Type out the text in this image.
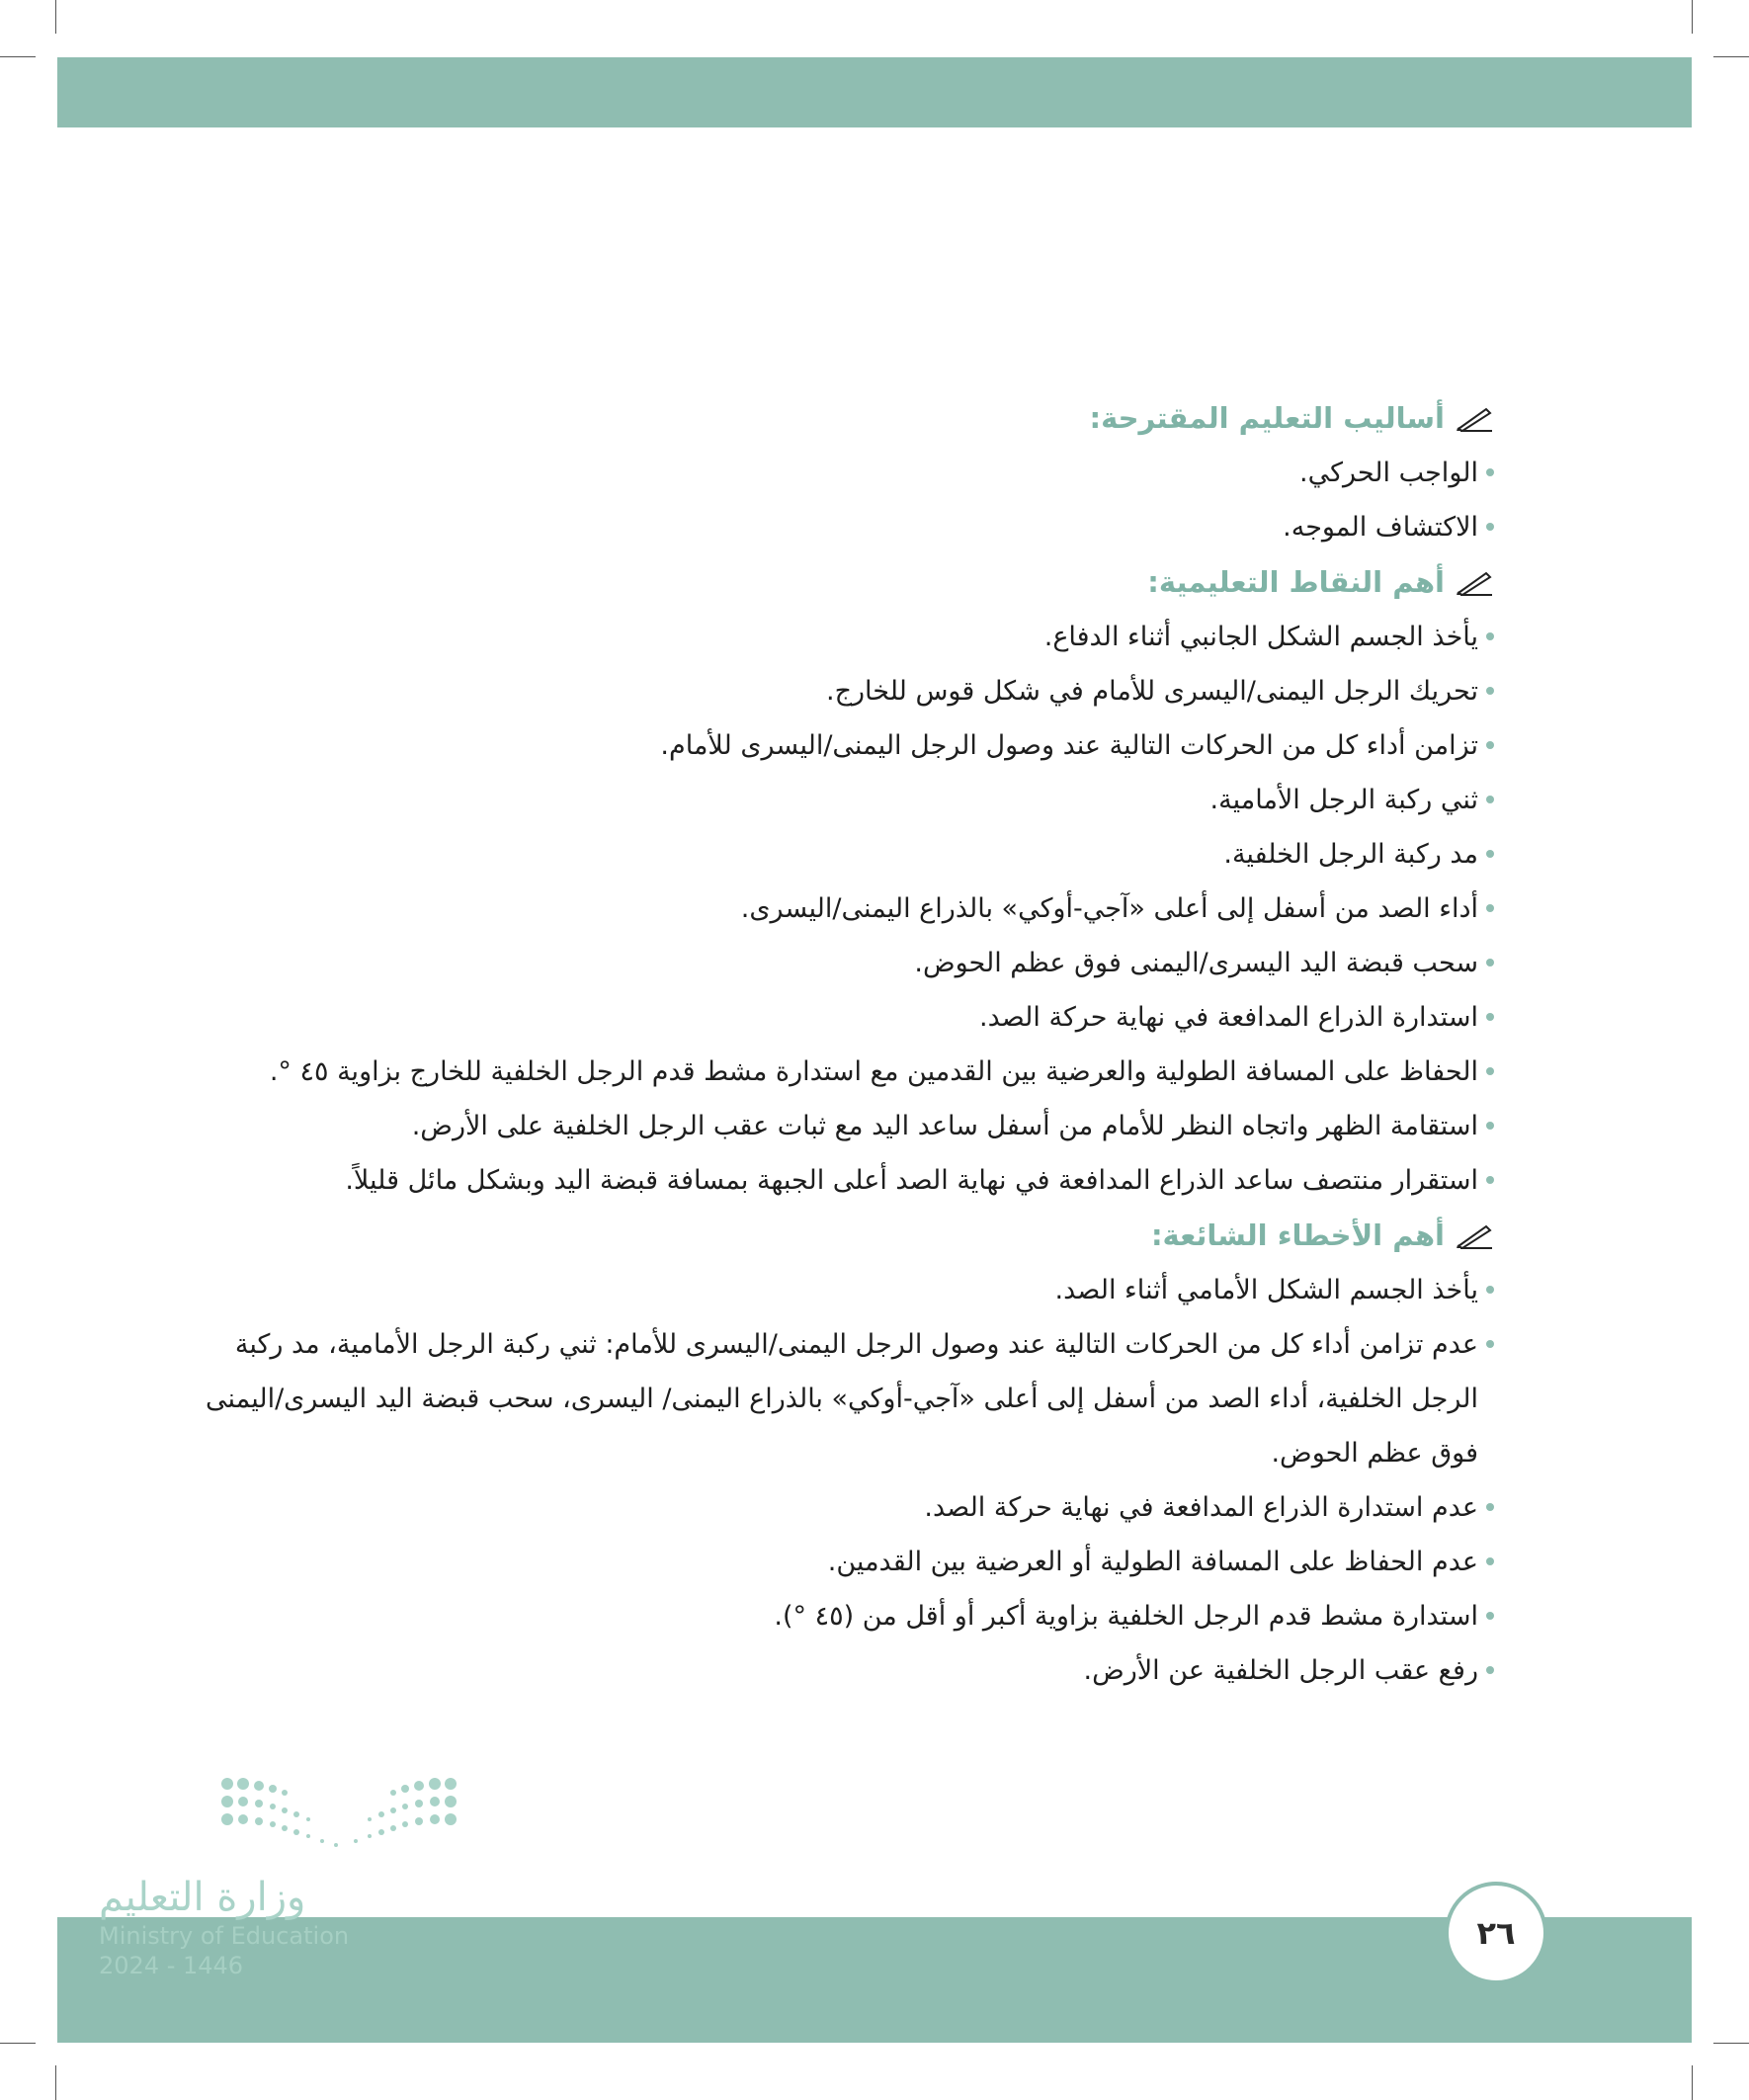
أساليب التعليم المقترحة:
الواجب الحركي.
الاكتشاف الموجه.
أهم النقاط التعليمية:
يأخذ الجسم الشكل الجانبي أثناء الدفاع.
تحريك الرجل اليمنى/اليسرى للأمام في شكل قوس للخارج.
تزامن أداء كل من الحركات التالية عند وصول الرجل اليمنى/اليسرى للأمام.
ثني ركبة الرجل الأمامية.
مد ركبة الرجل الخلفية.
أداء الصد من أسفل إلى أعلى «آجي-أوكي» بالذراع اليمنى/اليسرى.
سحب قبضة اليد اليسرى/اليمنى فوق عظم الحوض.
استدارة الذراع المدافعة في نهاية حركة الصد.
الحفاظ على المسافة الطولية والعرضية بين القدمين مع استدارة مشط قدم الرجل الخلفية للخارج بزاوية ٤٥ °.
استقامة الظهر واتجاه النظر للأمام من أسفل ساعد اليد مع ثبات عقب الرجل الخلفية على الأرض.
استقرار منتصف ساعد الذراع المدافعة في نهاية الصد أعلى الجبهة بمسافة قبضة اليد وبشكل مائل قليلاً.
أهم الأخطاء الشائعة:
يأخذ الجسم الشكل الأمامي أثناء الصد.
عدم تزامن أداء كل من الحركات التالية عند وصول الرجل اليمنى/اليسرى للأمام: ثني ركبة الرجل الأمامية، مد ركبة الرجل الخلفية، أداء الصد من أسفل إلى أعلى «آجي-أوكي» بالذراع اليمنى/ اليسرى، سحب قبضة اليد اليسرى/اليمنى فوق عظم الحوض.
عدم استدارة الذراع المدافعة في نهاية حركة الصد.
عدم الحفاظ على المسافة الطولية أو العرضية بين القدمين.
استدارة مشط قدم الرجل الخلفية بزاوية أكبر أو أقل من (٤٥ °).
رفع عقب الرجل الخلفية عن الأرض.
وزارة التعليم
Ministry of Education
2024 - 1446
٢٦
